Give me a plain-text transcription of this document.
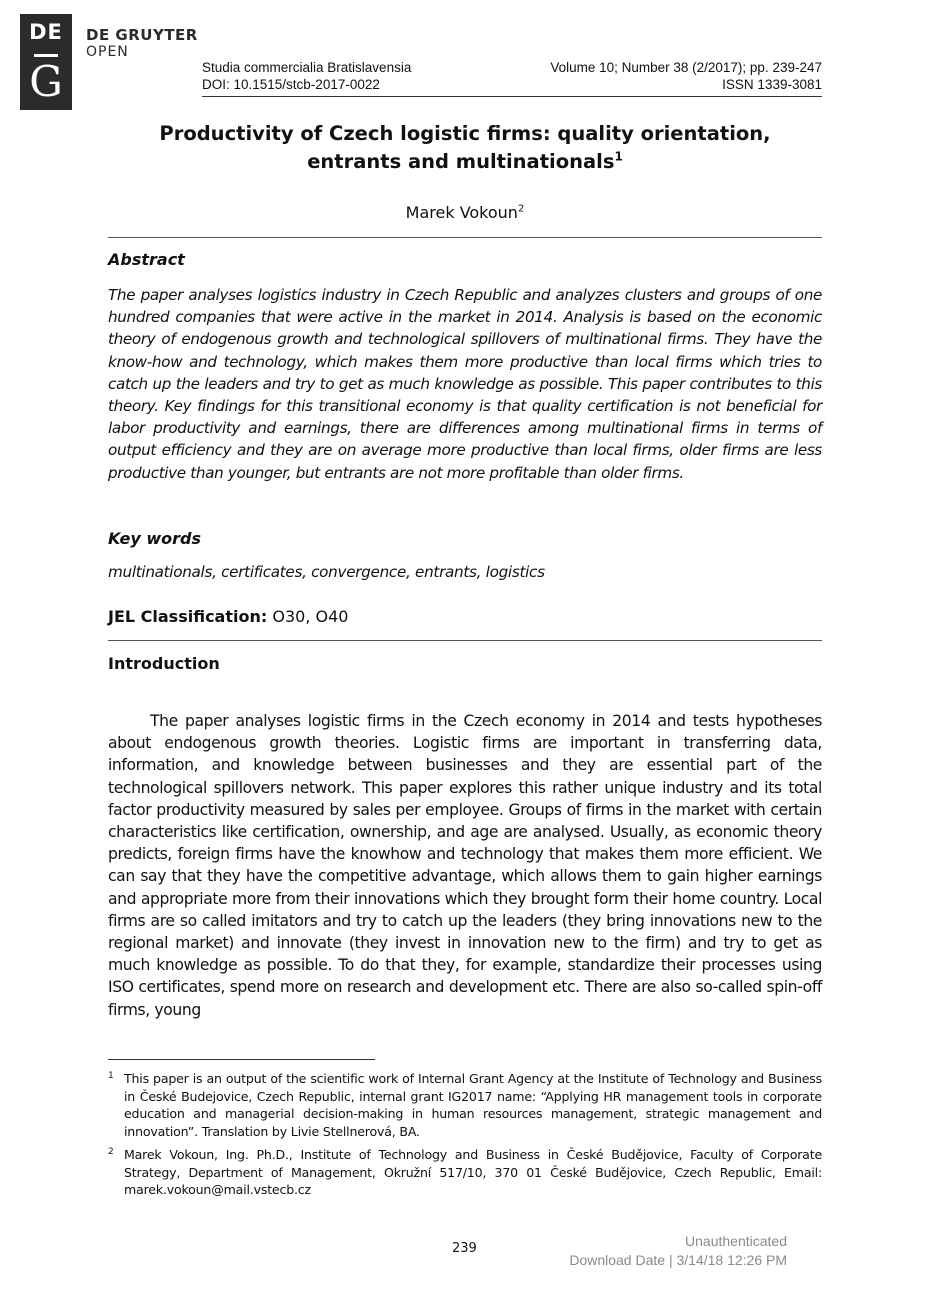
DE
G
DE GRUYTER
OPEN
Studia commercialia Bratislavensia	Volume 10; Number 38 (2/2017); pp. 239-247
DOI: 10.1515/stcb-2017-0022	ISSN 1339-3081
Productivity of Czech logistic firms: quality orientation,
entrants and multinationals$^1$
Marek Vokoun$^2$
Abstract

The paper analyses logistics industry in Czech Republic and analyzes clusters and groups of one hundred companies that were active in the market in 2014. Analysis is based on the economic theory of endogenous growth and technological spillovers of multinational firms. They have the know-how and technology, which makes them more productive than local firms which tries to catch up the leaders and try to get as much knowledge as possible. This paper contributes to this theory. Key findings for this transitional economy is that quality certification is not beneficial for labor productivity and earnings, there are differences among multinational firms in terms of output efficiency and they are on average more productive than local firms, older firms are less productive than younger, but entrants are not more profitable than older firms.

Key words
multinationals, certificates, convergence, entrants, logistics
JEL Classification: O30, O40
Introduction

The paper analyses logistic firms in the Czech economy in 2014 and tests hypotheses about endogenous growth theories. Logistic firms are important in transferring data, information, and knowledge between businesses and they are essential part of the technological spillovers network. This paper explores this rather unique industry and its total factor productivity measured by sales per employee. Groups of firms in the market with certain characteristics like certification, ownership, and age are analysed. Usually, as economic theory predicts, foreign firms have the knowhow and technology that makes them more efficient. We can say that they have the competitive advantage, which allows them to gain higher earnings and appropriate more from their innovations which they brought form their home country. Local firms are so called imitators and try to catch up the leaders (they bring innovations new to the regional market) and innovate (they invest in innovation new to the firm) and try to get as much knowledge as possible. To do that they, for example, standardize their processes using ISO certificates, spend more on research and development etc. There are also so-called spin-off firms, young

1 This paper is an output of the scientific work of Internal Grant Agency at the Institute of Technology and Business in České Budejovice, Czech Republic, internal grant IG2017 name: “Applying HR management tools in corporate education and managerial decision-making in human resources management, strategic management and innovation”. Translation by Livie Stellnerová, BA.
2 Marek Vokoun, Ing. Ph.D., Institute of Technology and Business in České Budějovice, Faculty of Corporate Strategy, Department of Management, Okružní 517/10, 370 01 České Budějovice, Czech Republic, Email: marek.vokoun@mail.vstecb.cz
239	Unauthenticated
Download Date | 3/14/18 12:26 PM
